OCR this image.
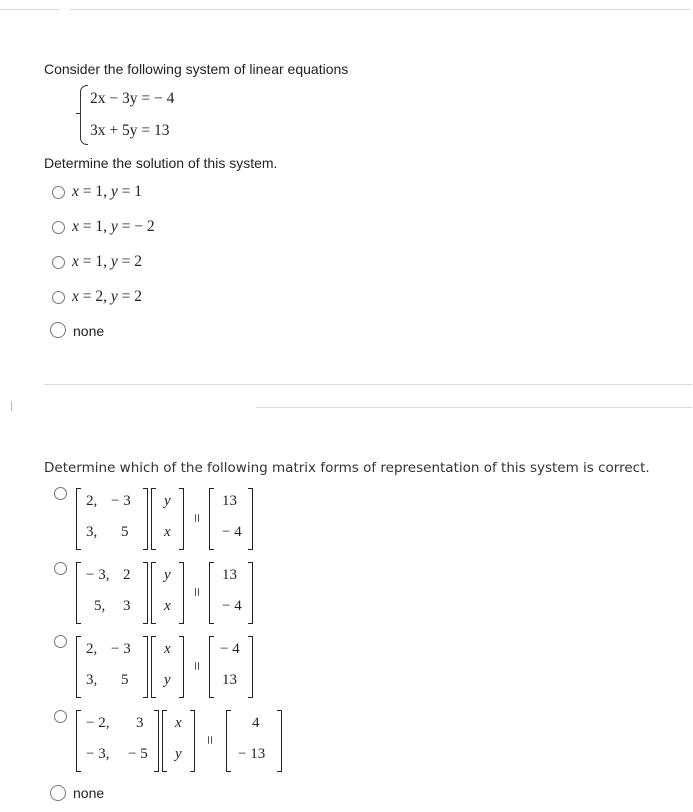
Consider the following system of linear equations
2x − 3y = − 4
3x + 5y = 13
Determine the solution of this system.
x = 1, y = 1
x = 1, y = − 2
x = 1, y = 2
x = 2, y = 2
none
Determine which of the following matrix forms of representation of this system is correct.
2, − 3
3, 5
y
x
=
13
− 4
− 3, 2
5, 3
y
x
=
13
− 4
2, − 3
3, 5
x
y
=
− 4
13
− 2, 3
− 3, − 5
x
y
=
4
− 13
none
